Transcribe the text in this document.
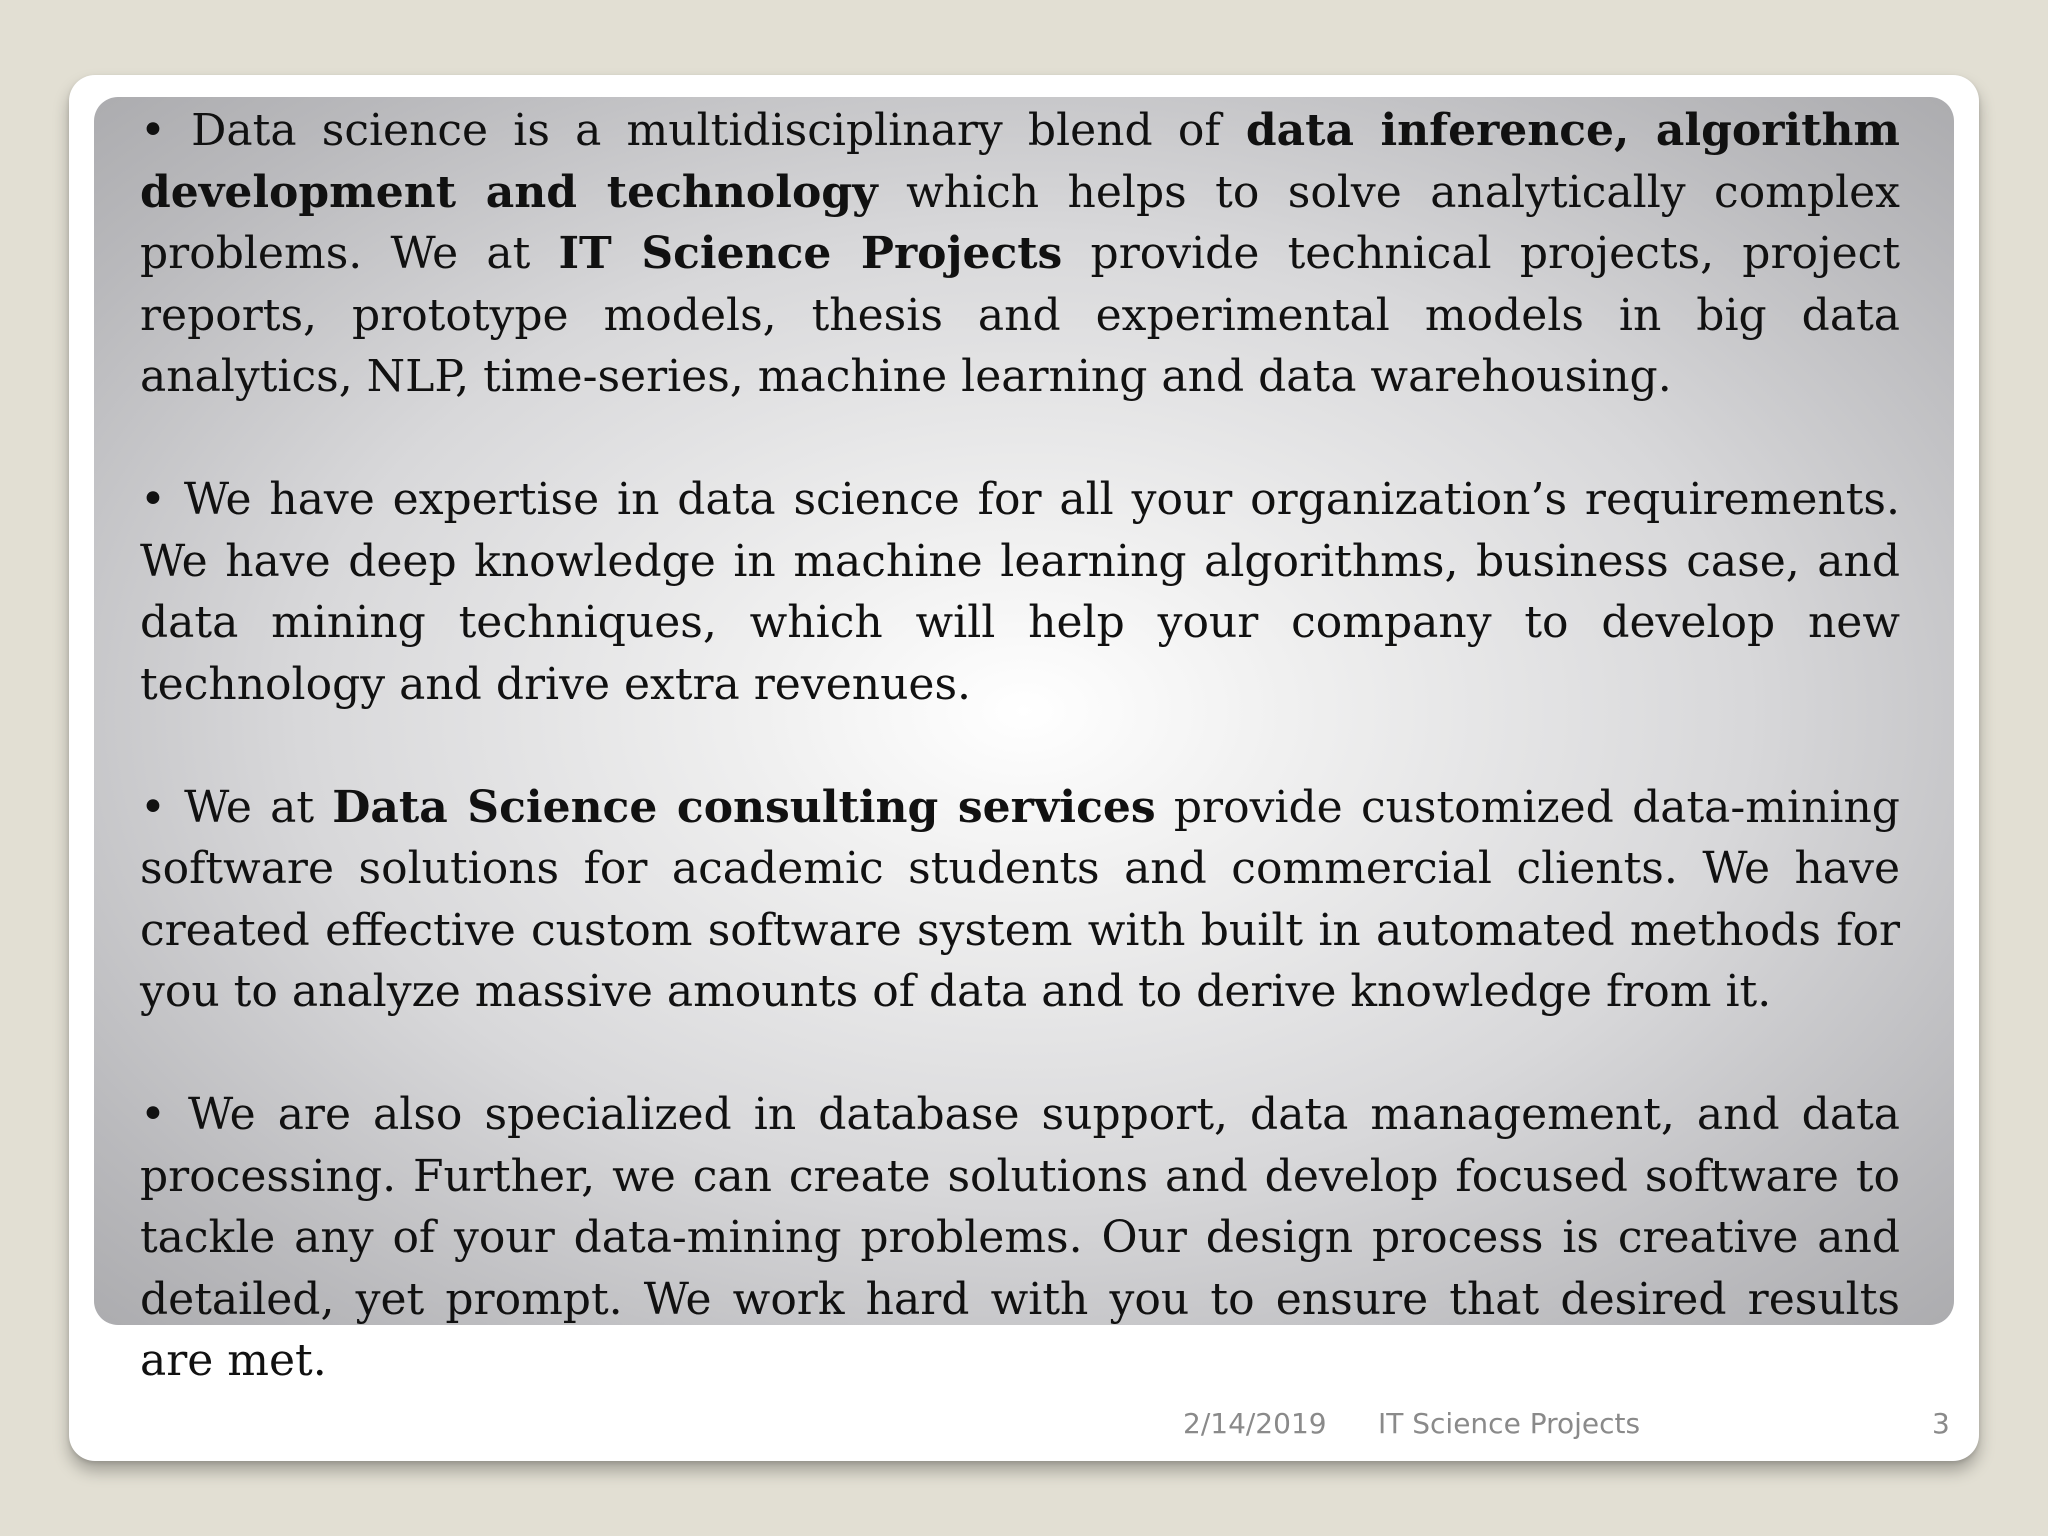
• Data science is a multidisciplinary blend of data inference, algorithm development and technology which helps to solve analytically complex problems. We at IT Science Projects provide technical projects, project reports, prototype models, thesis and experimental models in big data analytics, NLP, time-series, machine learning and data warehousing.

• We have expertise in data science for all your organization’s requirements. We have deep knowledge in machine learning algorithms, business case, and data mining techniques, which will help your company to develop new technology and drive extra revenues.

• We at Data Science consulting services provide customized data-mining software solutions for academic students and commercial clients. We have created effective custom software system with built in automated methods for you to analyze massive amounts of data and to derive knowledge from it.

• We are also specialized in database support, data management, and data processing. Further, we can create solutions and develop focused software to tackle any of your data-mining problems. Our design process is creative and detailed, yet prompt. We work hard with you to ensure that desired results are met.

2/14/2019 IT Science Projects	3
